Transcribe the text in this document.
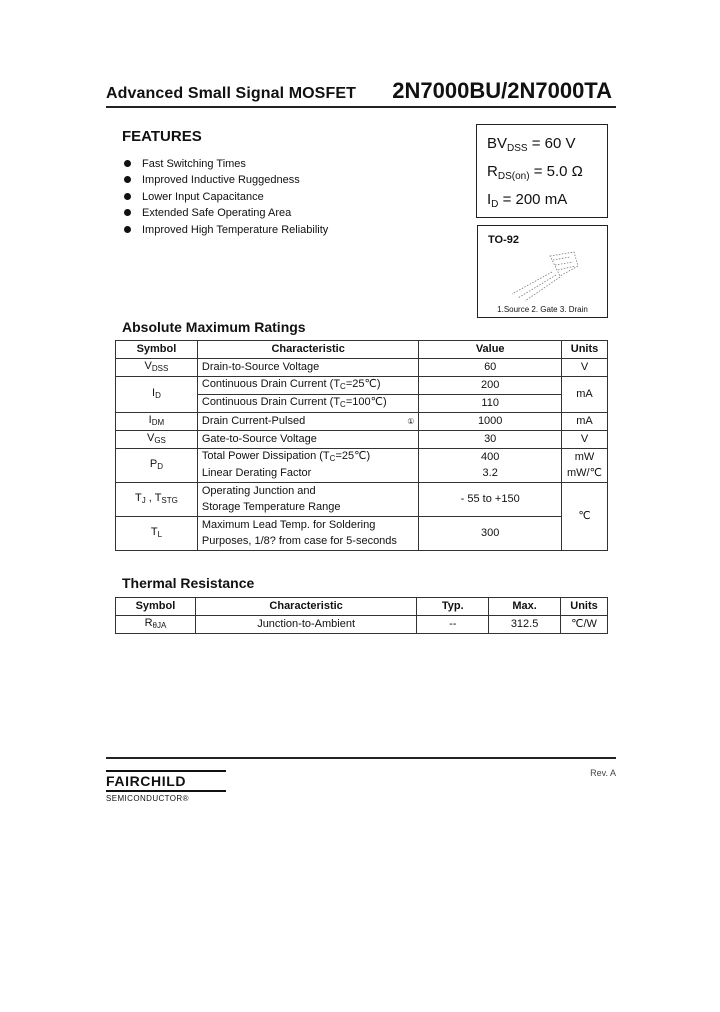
Advanced Small Signal MOSFET 2N7000BU/2N7000TA
FEATURES
Fast Switching Times
Improved Inductive Ruggedness
Lower Input Capacitance
Extended Safe Operating Area
Improved High Temperature Reliability
$BV_{DSS} = 60$ V
$R_{DS(on)} = 5.0$ Ω
$I_D = 200$ mA
TO-92
1.Source 2. Gate 3. Drain
Absolute Maximum Ratings
Symbol	Characteristic	Value	Units
$V_{DSS}$	Drain-to-Source Voltage	60	V
$I_D$	Continuous Drain Current $(T_C=25℃)$	200	mA
	Continuous Drain Current $(T_C=100℃)$	110	
$I_{DM}$	Drain Current-Pulsed ①	1000	mA
$V_{GS}$	Gate-to-Source Voltage	30	V
$P_D$	Total Power Dissipation $(T_C=25℃)$	400	mW
	Linear Derating Factor	3.2	mW/℃
$T_J$ , $T_{STG}$	Operating Junction and	- 55 to +150	℃
	Storage Temperature Range		
$T_L$	Maximum Lead Temp. for Soldering	300	
	Purposes, 1/8? from case for 5-seconds		
Thermal Resistance
Symbol	Characteristic	Typ.	Max.	Units
$R_{\theta JA}$	Junction-to-Ambient	--	312.5	℃/W
FAIRCHILD
SEMICONDUCTOR®
Rev. A
